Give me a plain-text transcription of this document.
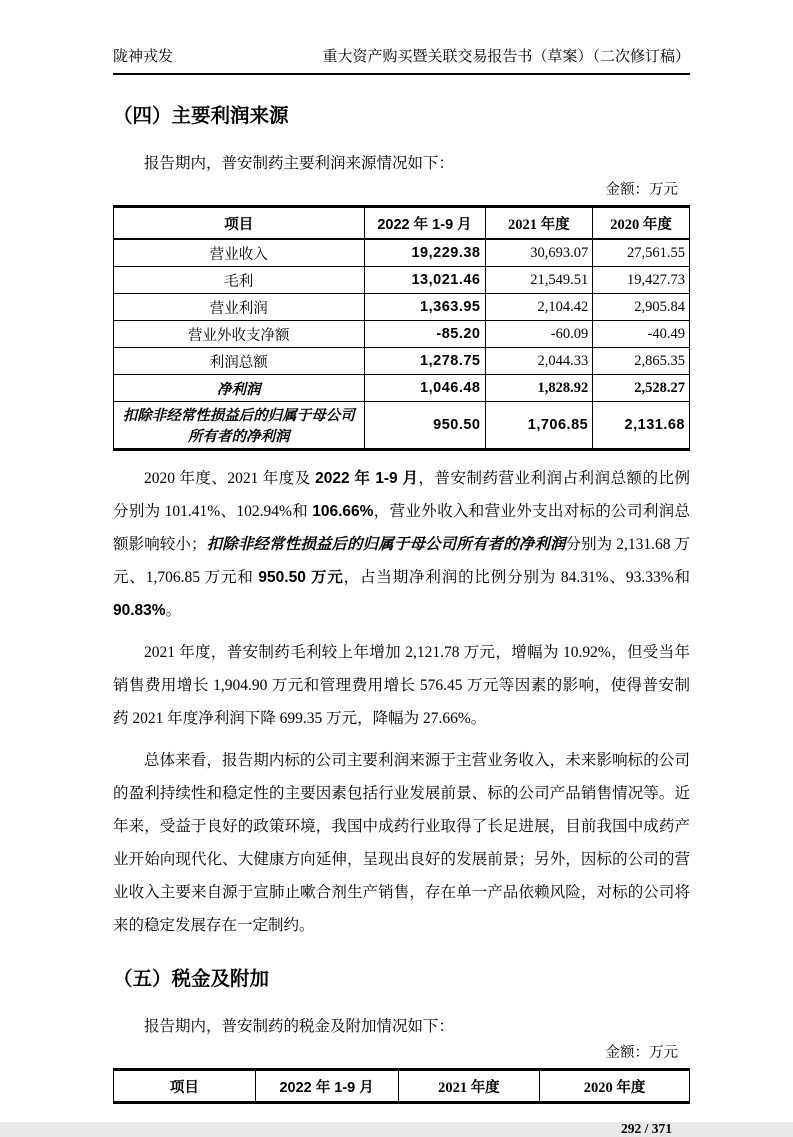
陇神戎发	重大资产购买暨关联交易报告书（草案）（二次修订稿）
（四）主要利润来源

报告期内，普安制药主要利润来源情况如下：

金额：万元
项目	2022 年 1-9 月	2021 年度	2020 年度
营业收入	19,229.38	30,693.07	27,561.55
毛利	13,021.46	21,549.51	19,427.73
营业利润	1,363.95	2,104.42	2,905.84
营业外收支净额	-85.20	-60.09	-40.49
利润总额	1,278.75	2,044.33	2,865.35
净利润	1,046.48	1,828.92	2,528.27
扣除非经常性损益后的归属于母公司所有者的净利润	950.50	1,706.85	2,131.68

2020 年度、2021 年度及 2022 年 1-9 月，普安制药营业利润占利润总额的比例分别为 101.41%、102.94%和 106.66%，营业外收入和营业外支出对标的公司利润总额影响较小；扣除非经常性损益后的归属于母公司所有者的净利润分别为 2,131.68 万元、1,706.85 万元和 950.50 万元，占当期净利润的比例分别为 84.31%、93.33%和 90.83%。

2021 年度，普安制药毛利较上年增加 2,121.78 万元，增幅为 10.92%，但受当年销售费用增长 1,904.90 万元和管理费用增长 576.45 万元等因素的影响，使得普安制药 2021 年度净利润下降 699.35 万元，降幅为 27.66%。

总体来看，报告期内标的公司主要利润来源于主营业务收入，未来影响标的公司的盈利持续性和稳定性的主要因素包括行业发展前景、标的公司产品销售情况等。近年来，受益于良好的政策环境，我国中成药行业取得了长足进展，目前我国中成药产业开始向现代化、大健康方向延伸，呈现出良好的发展前景；另外，因标的公司的营业收入主要来自源于宣肺止嗽合剂生产销售，存在单一产品依赖风险，对标的公司将来的稳定发展存在一定制约。

（五）税金及附加

报告期内，普安制药的税金及附加情况如下：

金额：万元
项目	2022 年 1-9 月	2021 年度	2020 年度
292 / 371
